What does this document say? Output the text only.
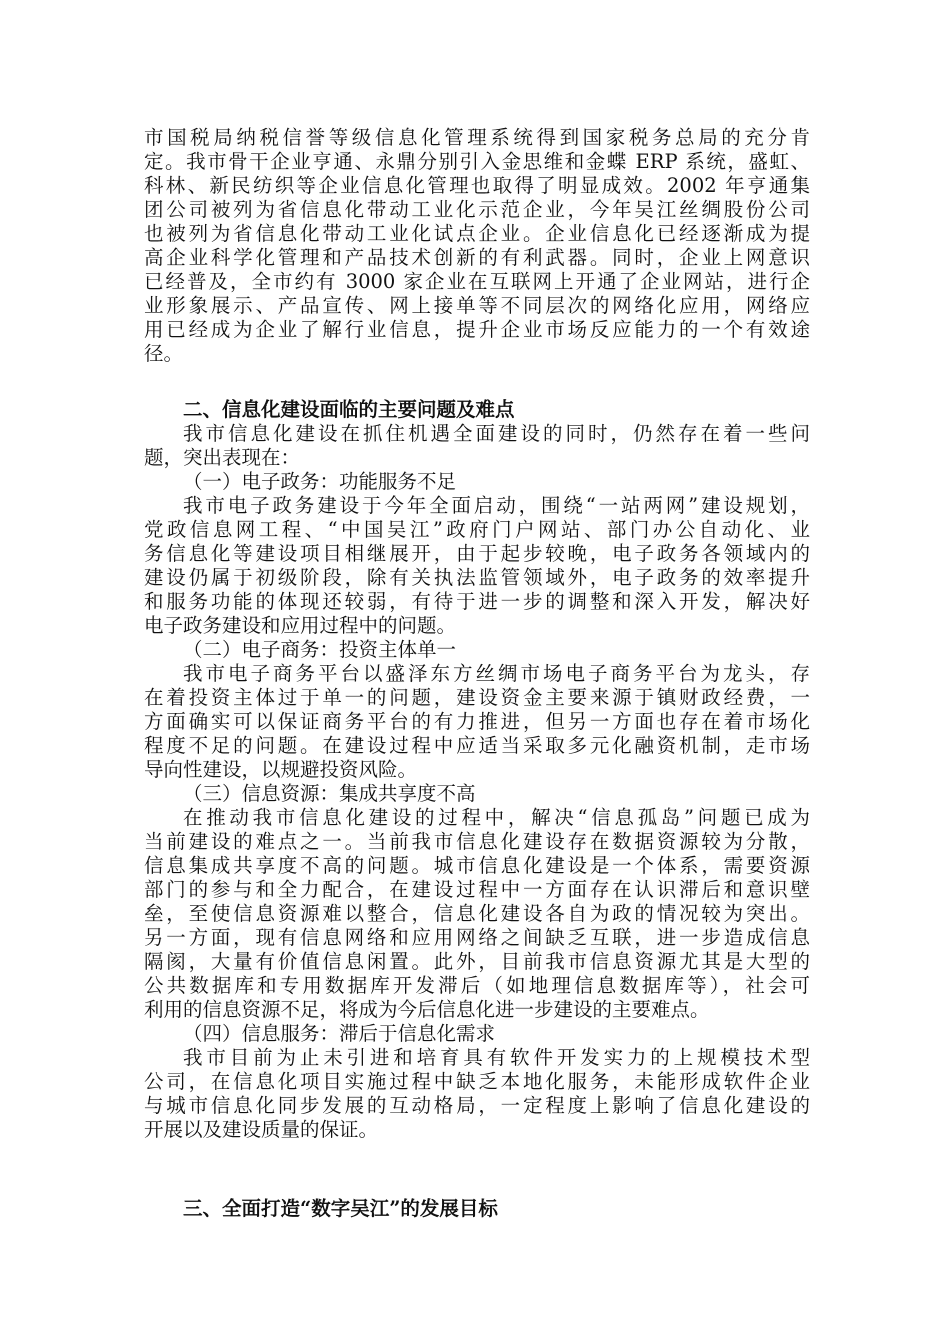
市国税局纳税信誉等级信息化管理系统得到国家税务总局的充分肯
定。我市骨干企业亨通、永鼎分别引入金思维和金蝶 ERP 系统，盛虹、
科林、新民纺织等企业信息化管理也取得了明显成效。2002 年亨通集
团公司被列为省信息化带动工业化示范企业，今年吴江丝绸股份公司
也被列为省信息化带动工业化试点企业。企业信息化已经逐渐成为提
高企业科学化管理和产品技术创新的有利武器。同时，企业上网意识
已经普及，全市约有 3000 家企业在互联网上开通了企业网站，进行企
业形象展示、产品宣传、网上接单等不同层次的网络化应用，网络应
用已经成为企业了解行业信息，提升企业市场反应能力的一个有效途
径。
二、信息化建设面临的主要问题及难点
我市信息化建设在抓住机遇全面建设的同时，仍然存在着一些问
题，突出表现在：
（一）电子政务：功能服务不足
我市电子政务建设于今年全面启动，围绕“一站两网”建设规划，
党政信息网工程、“中国吴江”政府门户网站、部门办公自动化、业
务信息化等建设项目相继展开，由于起步较晚，电子政务各领域内的
建设仍属于初级阶段，除有关执法监管领域外，电子政务的效率提升
和服务功能的体现还较弱，有待于进一步的调整和深入开发，解决好
电子政务建设和应用过程中的问题。
（二）电子商务：投资主体单一
我市电子商务平台以盛泽东方丝绸市场电子商务平台为龙头，存
在着投资主体过于单一的问题，建设资金主要来源于镇财政经费，一
方面确实可以保证商务平台的有力推进，但另一方面也存在着市场化
程度不足的问题。在建设过程中应适当采取多元化融资机制，走市场
导向性建设，以规避投资风险。
（三）信息资源：集成共享度不高
在推动我市信息化建设的过程中，解决“信息孤岛”问题已成为
当前建设的难点之一。当前我市信息化建设存在数据资源较为分散，
信息集成共享度不高的问题。城市信息化建设是一个体系，需要资源
部门的参与和全力配合，在建设过程中一方面存在认识滞后和意识壁
垒，至使信息资源难以整合，信息化建设各自为政的情况较为突出。
另一方面，现有信息网络和应用网络之间缺乏互联，进一步造成信息
隔阂，大量有价值信息闲置。此外，目前我市信息资源尤其是大型的
公共数据库和专用数据库开发滞后（如地理信息数据库等），社会可
利用的信息资源不足，将成为今后信息化进一步建设的主要难点。
（四）信息服务：滞后于信息化需求
我市目前为止未引进和培育具有软件开发实力的上规模技术型
公司，在信息化项目实施过程中缺乏本地化服务，未能形成软件企业
与城市信息化同步发展的互动格局，一定程度上影响了信息化建设的
开展以及建设质量的保证。
三、全面打造“数字吴江”的发展目标
